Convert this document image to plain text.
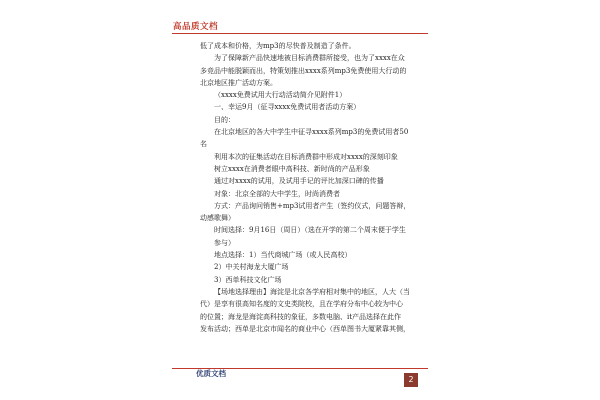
高品质文档
低了成本和价格，为mp3的尽快普及制造了条件。
为了保障新产品快速地被目标消费群所接受，也为了xxxx在众
多竞品中能脱颖而出，特策划推出xxxx系列mp3免费使用大行动的
北京地区推广活动方案。
（xxxx免费试用大行动活动简介见附件1）
一、幸运9月（征寻xxxx免费试用者活动方案）
目的：
在北京地区的各大中学生中征寻xxxx系列mp3的免费试用者50
名
利用本次的征集活动在目标消费群中形成对xxxx的深刻印象
树立xxxx在消费者眼中高科技、新时尚的产品形象
通过对xxxx的试用，及试用手记的评比加深口碑的传播
对象：北京全部的大中学生，时尚消费者
方式：产品询问销售+mp3试用者产生（签约仪式，问题答辩，
动感歌舞）
时间选择：9月16日（周日）（选在开学的第二个周末便于学生
参与）
地点选择：1）当代商城广场（或人民高校）
2）中关村海龙大厦广场
3）西单科技文化广场
【场地选择理由】海淀是北京各学府相对集中的地区，人大（当
代）是享有很高知名度的文史类院校，且在学府分布中心较为中心
的位置；海龙是海淀高科技的象征，多数电脑、it产品选择在此作
发布活动；西单是北京市闻名的商业中心（西单图书大厦紧靠其侧，
优质文档
2
